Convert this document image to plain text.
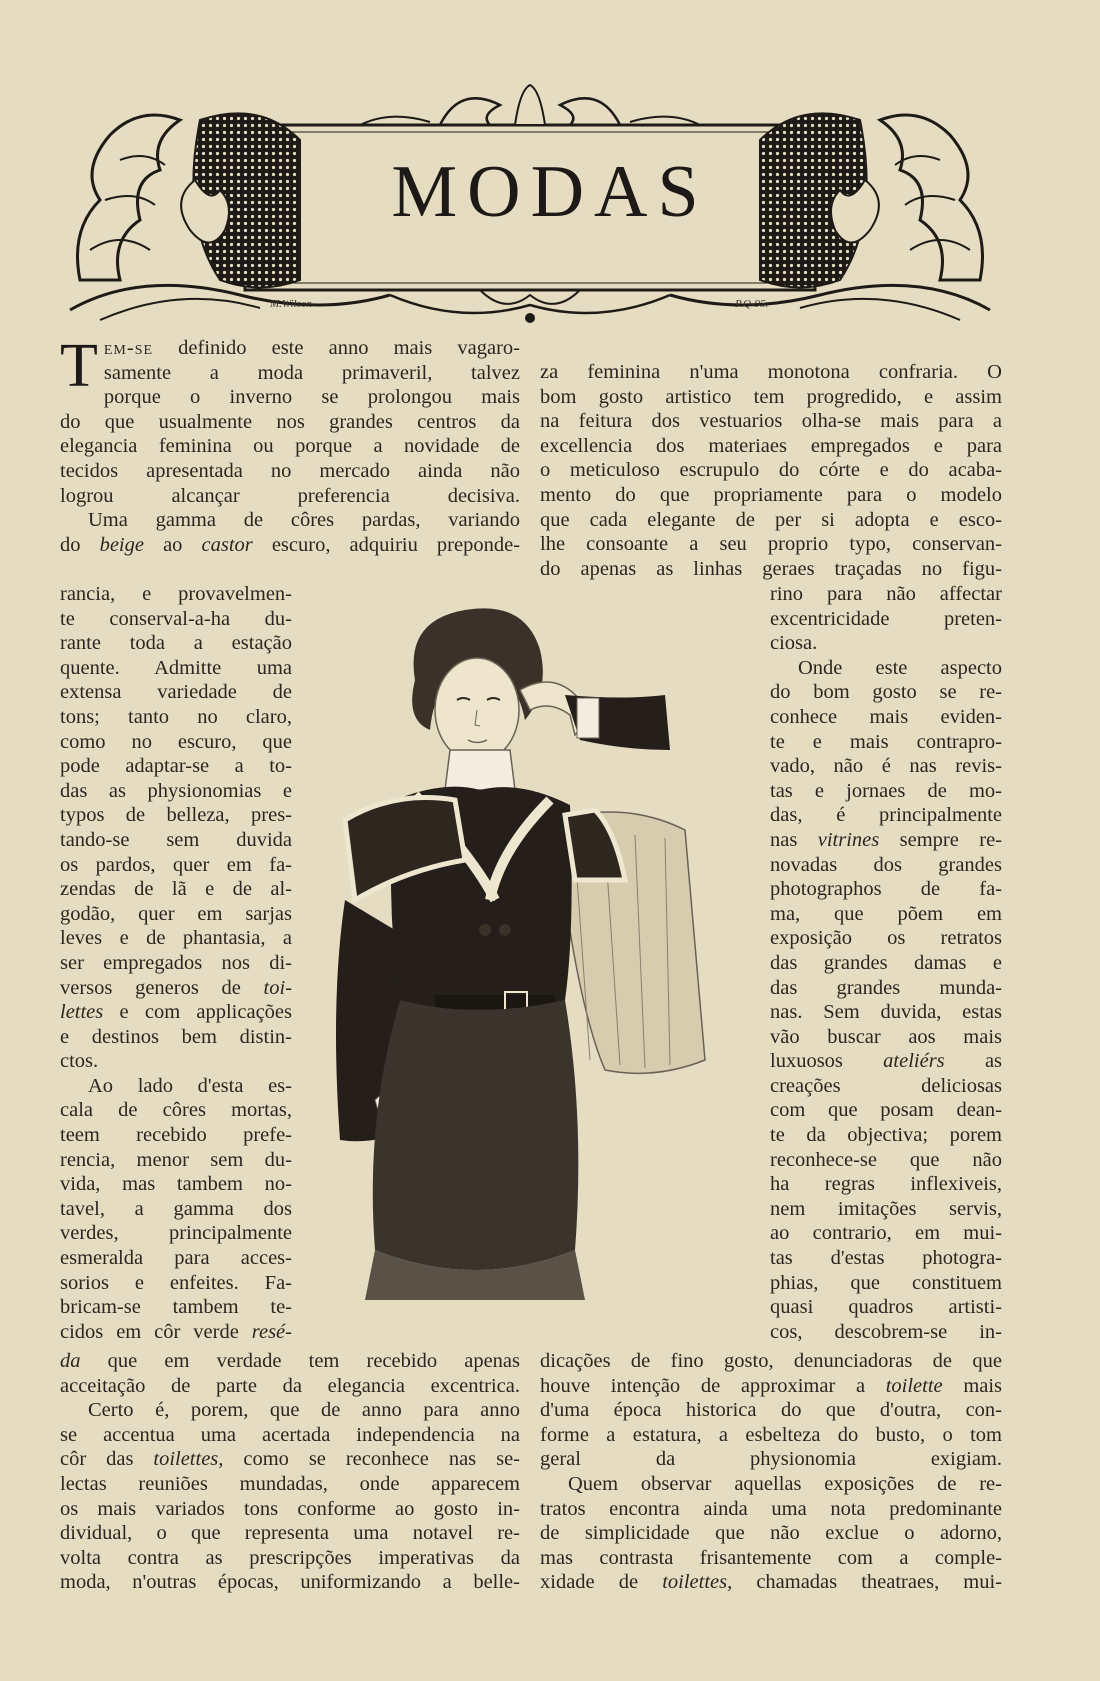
MODAS
M.Wilson	P.Q-95.
T em-se definido este anno mais vagaro-

samente a moda primaveril, talvez

porque o inverno se prolongou mais

do que usualmente nos grandes centros da

elegancia feminina ou porque a novidade de

tecidos apresentada no mercado ainda não

logrou alcançar preferencia decisiva.

Uma gamma de côres pardas, variando

do beige ao castor escuro, adquiriu preponde-

rancia, e provavelmen-

te conserval-a-ha du-

rante toda a estação

quente. Admitte uma

extensa variedade de

tons; tanto no claro,

como no escuro, que

pode adaptar-se a to-

das as physionomias e

typos de belleza, pres-

tando-se sem duvida

os pardos, quer em fa-

zendas de lã e de al-

godão, quer em sarjas

leves e de phantasia, a

ser empregados nos di-

versos generos de toi-

lettes e com applicações

e destinos bem distin-

ctos.

Ao lado d'esta es-

cala de côres mortas,

teem recebido prefe-

rencia, menor sem du-

vida, mas tambem no-

tavel, a gamma dos

verdes, principalmente

esmeralda para acces-

sorios e enfeites. Fa-

bricam-se tambem te-

cidos em côr verde resé-

da que em verdade tem recebido apenas

acceitação de parte da elegancia excentrica.

Certo é, porem, que de anno para anno

se accentua uma acertada independencia na

côr das toilettes, como se reconhece nas se-

lectas reuniões mundadas, onde apparecem

os mais variados tons conforme ao gosto in-

dividual, o que representa uma notavel re-

volta contra as prescripções imperativas da

moda, n'outras épocas, uniformizando a belle-

za feminina n'uma monotona confraria. O

bom gosto artistico tem progredido, e assim

na feitura dos vestuarios olha-se mais para a

excellencia dos materiaes empregados e para

o meticuloso escrupulo do córte e do acaba-

mento do que propriamente para o modelo

que cada elegante de per si adopta e esco-

lhe consoante a seu proprio typo, conservan-

do apenas as linhas geraes traçadas no figu-

rino para não affectar

excentricidade preten-

ciosa.

Onde este aspecto

do bom gosto se re-

conhece mais eviden-

te e mais contrapro-

vado, não é nas revis-

tas e jornaes de mo-

das, é principalmente

nas vitrines sempre re-

novadas dos grandes

photographos de fa-

ma, que põem em

exposição os retratos

das grandes damas e

das grandes munda-

nas. Sem duvida, estas

vão buscar aos mais

luxuosos ateliérs as

creações deliciosas

com que posam dean-

te da objectiva; porem

reconhece-se que não

ha regras inflexiveis,

nem imitações servis,

ao contrario, em mui-

tas d'estas photogra-

phias, que constituem

quasi quadros artisti-

cos, descobrem-se in-

dicações de fino gosto, denunciadoras de que

houve intenção de approximar a toilette mais

d'uma época historica do que d'outra, con-

forme a estatura, a esbelteza do busto, o tom

geral da physionomia exigiam.

Quem observar aquellas exposições de re-

tratos encontra ainda uma nota predominante

de simplicidade que não exclue o adorno,

mas contrasta frisantemente com a comple-

xidade de toilettes, chamadas theatraes, mui-
